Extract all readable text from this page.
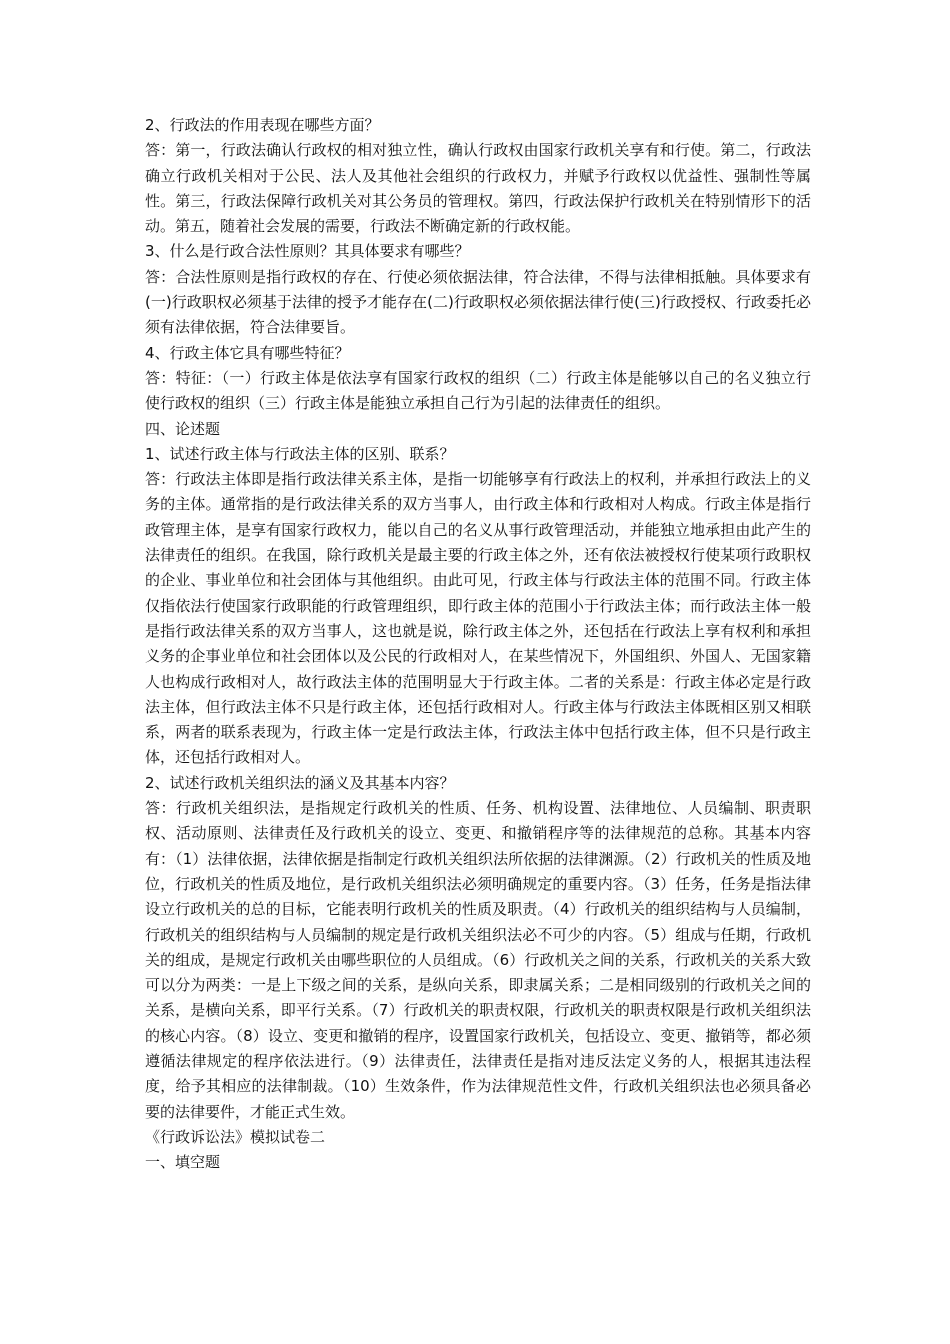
2、行政法的作用表现在哪些方面？

答：第一，行政法确认行政权的相对独立性，确认行政权由国家行政机关享有和行使。第二，行政法确立行政机关相对于公民、法人及其他社会组织的行政权力，并赋予行政权以优益性、强制性等属性。第三，行政法保障行政机关对其公务员的管理权。第四，行政法保护行政机关在特别情形下的活动。第五，随着社会发展的需要，行政法不断确定新的行政权能。

3、什么是行政合法性原则？其具体要求有哪些？

答：合法性原则是指行政权的存在、行使必须依据法律，符合法律，不得与法律相抵触。具体要求有(一)行政职权必须基于法律的授予才能存在(二)行政职权必须依据法律行使(三)行政授权、行政委托必须有法律依据，符合法律要旨。

4、行政主体它具有哪些特征？

答：特征：（一）行政主体是依法享有国家行政权的组织（二）行政主体是能够以自己的名义独立行使行政权的组织（三）行政主体是能独立承担自己行为引起的法律责任的组织。

四、论述题

1、试述行政主体与行政法主体的区别、联系？

答：行政法主体即是指行政法律关系主体，是指一切能够享有行政法上的权利，并承担行政法上的义务的主体。通常指的是行政法律关系的双方当事人，由行政主体和行政相对人构成。行政主体是指行政管理主体，是享有国家行政权力，能以自己的名义从事行政管理活动，并能独立地承担由此产生的法律责任的组织。在我国，除行政机关是最主要的行政主体之外，还有依法被授权行使某项行政职权的企业、事业单位和社会团体与其他组织。由此可见，行政主体与行政法主体的范围不同。行政主体仅指依法行使国家行政职能的行政管理组织，即行政主体的范围小于行政法主体；而行政法主体一般是指行政法律关系的双方当事人，这也就是说，除行政主体之外，还包括在行政法上享有权利和承担义务的企事业单位和社会团体以及公民的行政相对人，在某些情况下，外国组织、外国人、无国家籍人也构成行政相对人，故行政法主体的范围明显大于行政主体。二者的关系是：行政主体必定是行政法主体，但行政法主体不只是行政主体，还包括行政相对人。行政主体与行政法主体既相区别又相联系，两者的联系表现为，行政主体一定是行政法主体，行政法主体中包括行政主体，但不只是行政主体，还包括行政相对人。

2、试述行政机关组织法的涵义及其基本内容？

答：行政机关组织法，是指规定行政机关的性质、任务、机构设置、法律地位、人员编制、职责职权、活动原则、法律责任及行政机关的设立、变更、和撤销程序等的法律规范的总称。其基本内容有：（1）法律依据，法律依据是指制定行政机关组织法所依据的法律渊源。（2）行政机关的性质及地位，行政机关的性质及地位，是行政机关组织法必须明确规定的重要内容。（3）任务，任务是指法律设立行政机关的总的目标，它能表明行政机关的性质及职责。（4）行政机关的组织结构与人员编制，行政机关的组织结构与人员编制的规定是行政机关组织法必不可少的内容。（5）组成与任期，行政机关的组成，是规定行政机关由哪些职位的人员组成。（6）行政机关之间的关系，行政机关的关系大致可以分为两类：一是上下级之间的关系，是纵向关系，即隶属关系；二是相同级别的行政机关之间的关系，是横向关系，即平行关系。（7）行政机关的职责权限，行政机关的职责权限是行政机关组织法的核心内容。（8）设立、变更和撤销的程序，设置国家行政机关，包括设立、变更、撤销等，都必须遵循法律规定的程序依法进行。（9）法律责任，法律责任是指对违反法定义务的人，根据其违法程度，给予其相应的法律制裁。（10）生效条件，作为法律规范性文件，行政机关组织法也必须具备必要的法律要件，才能正式生效。

《行政诉讼法》模拟试卷二

一、填空题
